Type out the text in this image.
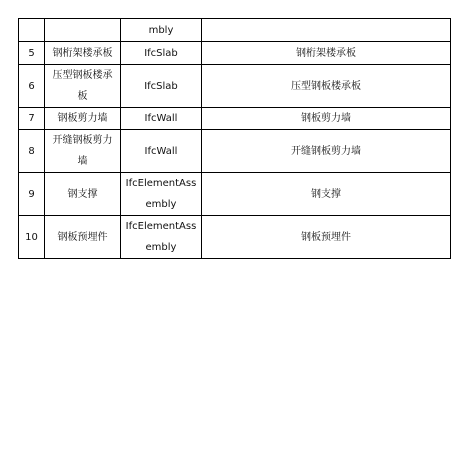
		mbly	

5	钢桁架楼承板	IfcSlab	钢桁架楼承板

6	压型钢板楼承板	IfcSlab	压型钢板楼承板

7	钢板剪力墙	IfcWall	钢板剪力墙

8	开缝钢板剪力墙	IfcWall	开缝钢板剪力墙

9	钢支撑	IfcElementAssembly	钢支撑

10	钢板预埋件	IfcElementAssembly	钢板预埋件
